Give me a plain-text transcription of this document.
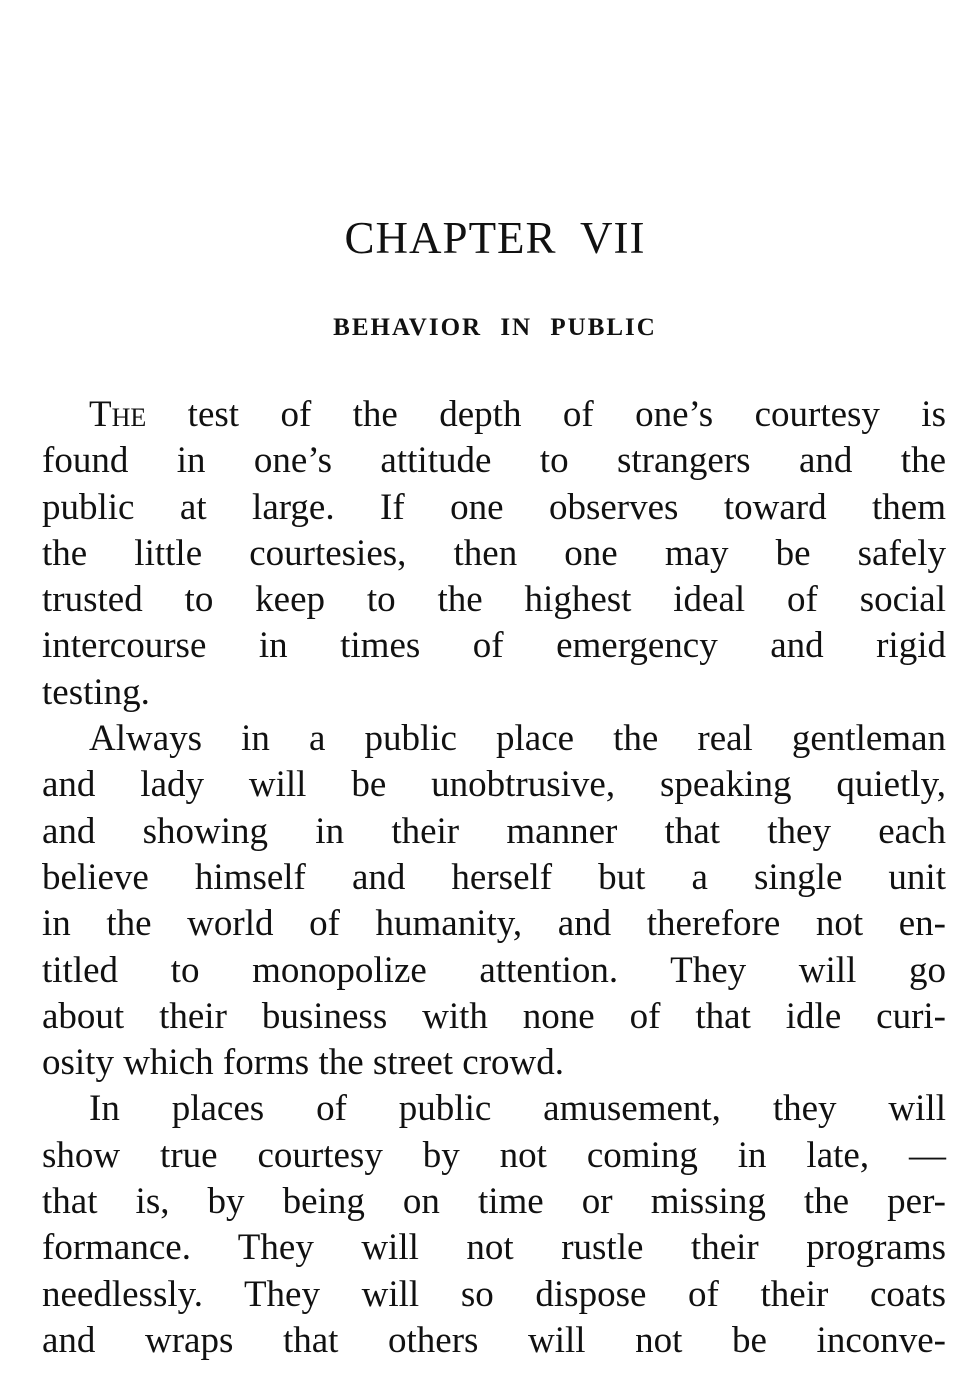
CHAPTER VII
BEHAVIOR IN PUBLIC
The test of the depth of one’s courtesy is
found in one’s attitude to strangers and the
public at large. If one observes toward them
the little courtesies, then one may be safely
trusted to keep to the highest ideal of social
intercourse in times of emergency and rigid
testing.
Always in a public place the real gentleman
and lady will be unobtrusive, speaking quietly,
and showing in their manner that they each
believe himself and herself but a single unit
in the world of humanity, and therefore not en-
titled to monopolize attention. They will go
about their business with none of that idle curi-
osity which forms the street crowd.
In places of public amusement, they will
show true courtesy by not coming in late, —
that is, by being on time or missing the per-
formance. They will not rustle their programs
needlessly. They will so dispose of their coats
and wraps that others will not be inconve-
